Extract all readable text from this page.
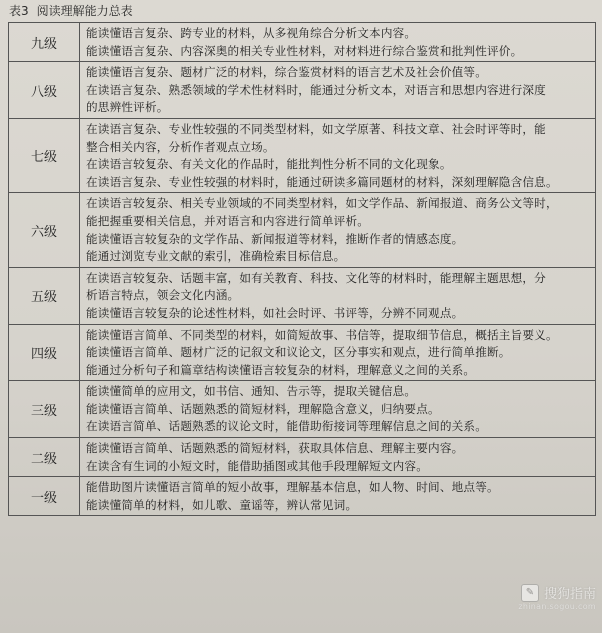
表3 阅读理解能力总表
九级	能读懂语言复杂、跨专业的材料，从多视角综合分析文本内容。
能读懂语言复杂、内容深奥的相关专业性材料，对材料进行综合鉴赏和批判性评价。

八级	能读懂语言复杂、题材广泛的材料，综合鉴赏材料的语言艺术及社会价值等。
在读语言复杂、熟悉领域的学术性材料时，能通过分析文本，对语言和思想内容进行深度
的思辨性评析。

七级	在读语言复杂、专业性较强的不同类型材料，如文学原著、科技文章、社会时评等时，能
整合相关内容，分析作者观点立场。
在读语言较复杂、有关文化的作品时，能批判性分析不同的文化现象。
在读语言复杂、专业性较强的材料时，能通过研读多篇同题材的材料，深刻理解隐含信息。

六级	在读语言较复杂、相关专业领域的不同类型材料，如文学作品、新闻报道、商务公文等时，
能把握重要相关信息，并对语言和内容进行简单评析。
能读懂语言较复杂的文学作品、新闻报道等材料，推断作者的情感态度。
能通过浏览专业文献的索引，准确检索目标信息。

五级	在读语言较复杂、话题丰富，如有关教育、科技、文化等的材料时，能理解主题思想，分
析语言特点，领会文化内涵。
能读懂语言较复杂的论述性材料，如社会时评、书评等，分辨不同观点。

四级	能读懂语言简单、不同类型的材料，如简短故事、书信等，提取细节信息，概括主旨要义。
能读懂语言简单、题材广泛的记叙文和议论文，区分事实和观点，进行简单推断。
能通过分析句子和篇章结构读懂语言较复杂的材料，理解意义之间的关系。

三级	能读懂简单的应用文，如书信、通知、告示等，提取关键信息。
能读懂语言简单、话题熟悉的简短材料，理解隐含意义，归纳要点。
在读语言简单、话题熟悉的议论文时，能借助衔接词等理解信息之间的关系。

二级	能读懂语言简单、话题熟悉的简短材料，获取具体信息、理解主要内容。
在读含有生词的小短文时，能借助插图或其他手段理解短文内容。

一级	能借助图片读懂语言简单的短小故事，理解基本信息，如人物、时间、地点等。
能读懂简单的材料，如儿歌、童谣等，辨认常见词。
✎ 搜狗指南
zhinan.sogou.com
